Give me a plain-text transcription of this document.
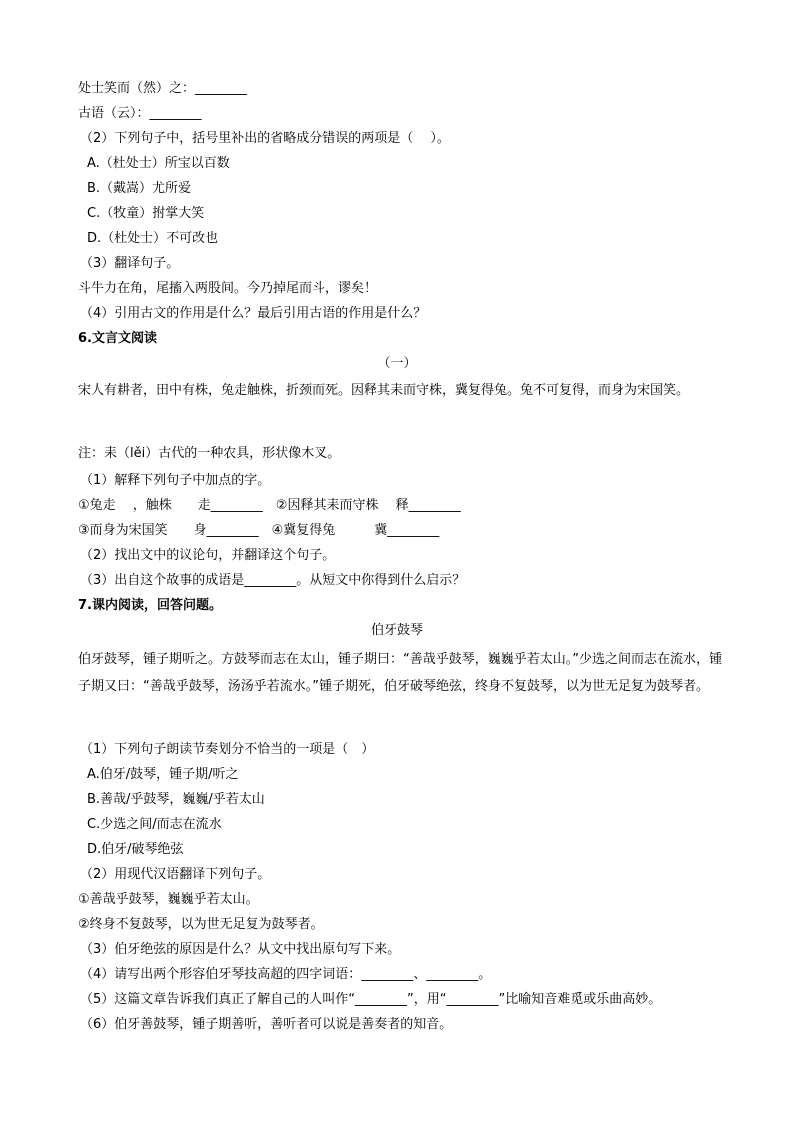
处士笑而（然）之：________
古语（云）：________
（2）下列句子中，括号里补出的省略成分错误的两项是（　 ）。
A.（杜处士）所宝以百数
B.（戴嵩）尤所爱
C.（牧童）拊掌大笑
D.（杜处士）不可改也
（3）翻译句子。
斗牛力在角，尾搐入两股间。今乃掉尾而斗，谬矣！
（4）引用古文的作用是什么？最后引用古语的作用是什么？
6.文言文阅读
（一）
宋人有耕者，田中有株，兔走触株，折颈而死。因释其耒而守株，冀复得兔。兔不可复得，而身为宋国笑。
注：耒（lěi）古代的一种农具，形状像木叉。
（1）解释下列句子中加点的字。
①兔走　 ，触株　　走________　②因释其耒而守株　 释________
③而身为宋国笑　　身________　④冀复得兔　　　冀________
（2）找出文中的议论句，并翻译这个句子。
（3）出自这个故事的成语是________。从短文中你得到什么启示？
7.课内阅读，回答问题。
伯牙鼓琴
伯牙鼓琴，锺子期听之。方鼓琴而志在太山，锺子期曰：“善哉乎鼓琴，巍巍乎若太山。”少选之间而志在流水，锺子期又曰：“善哉乎鼓琴，汤汤乎若流水。”锺子期死，伯牙破琴绝弦，终身不复鼓琴，以为世无足复为鼓琴者。
（1）下列句子朗读节奏划分不恰当的一项是（　）
A.伯牙/鼓琴，锺子期/听之
B.善哉/乎鼓琴，巍巍/乎若太山
C.少选之间/而志在流水
D.伯牙/破琴绝弦
（2）用现代汉语翻译下列句子。
①善哉乎鼓琴，巍巍乎若太山。
②终身不复鼓琴，以为世无足复为鼓琴者。
（3）伯牙绝弦的原因是什么？从文中找出原句写下来。
（4）请写出两个形容伯牙琴技高超的四字词语：________、________。
（5）这篇文章告诉我们真正了解自己的人叫作“________”，用“________”比喻知音难觅或乐曲高妙。
（6）伯牙善鼓琴，锺子期善听，善听者可以说是善奏者的知音。
